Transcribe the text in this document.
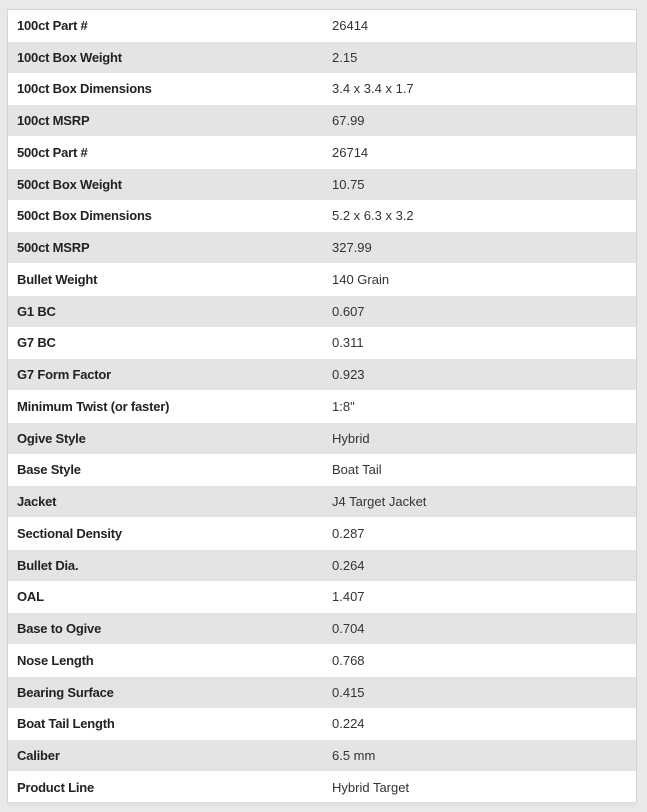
100ct Part #	26414
100ct Box Weight	2.15
100ct Box Dimensions	3.4 x 3.4 x 1.7
100ct MSRP	67.99
500ct Part #	26714
500ct Box Weight	10.75
500ct Box Dimensions	5.2 x 6.3 x 3.2
500ct MSRP	327.99
Bullet Weight	140 Grain
G1 BC	0.607
G7 BC	0.311
G7 Form Factor	0.923
Minimum Twist (or faster)	1:8"
Ogive Style	Hybrid
Base Style	Boat Tail
Jacket	J4 Target Jacket
Sectional Density	0.287
Bullet Dia.	0.264
OAL	1.407
Base to Ogive	0.704
Nose Length	0.768
Bearing Surface	0.415
Boat Tail Length	0.224
Caliber	6.5 mm
Product Line	Hybrid Target
